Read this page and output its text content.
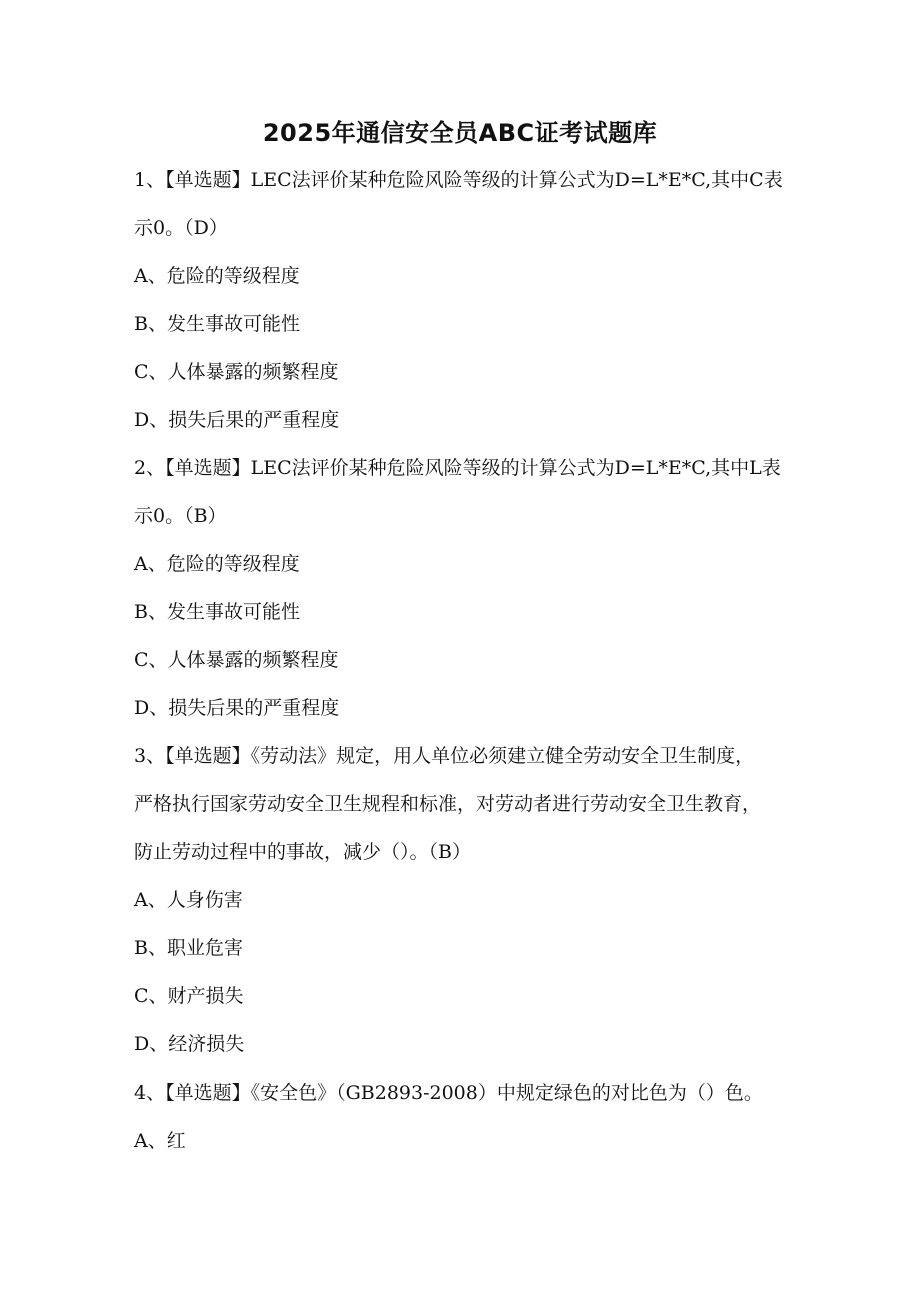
2025年通信安全员ABC证考试题库
1、【单选题】LEC法评价某种危险风险等级的计算公式为D=L*E*C,其中C表
示0。（D）
A、危险的等级程度
B、发生事故可能性
C、人体暴露的频繁程度
D、损失后果的严重程度
2、【单选题】LEC法评价某种危险风险等级的计算公式为D=L*E*C,其中L表
示0。（B）
A、危险的等级程度
B、发生事故可能性
C、人体暴露的频繁程度
D、损失后果的严重程度
3、【单选题】《劳动法》规定，用人单位必须建立健全劳动安全卫生制度，
严格执行国家劳动安全卫生规程和标准，对劳动者进行劳动安全卫生教育，
防止劳动过程中的事故，减少（）。（B）
A、人身伤害
B、职业危害
C、财产损失
D、经济损失
4、【单选题】《安全色》（GB2893-2008）中规定绿色的对比色为（）色。
A、红
